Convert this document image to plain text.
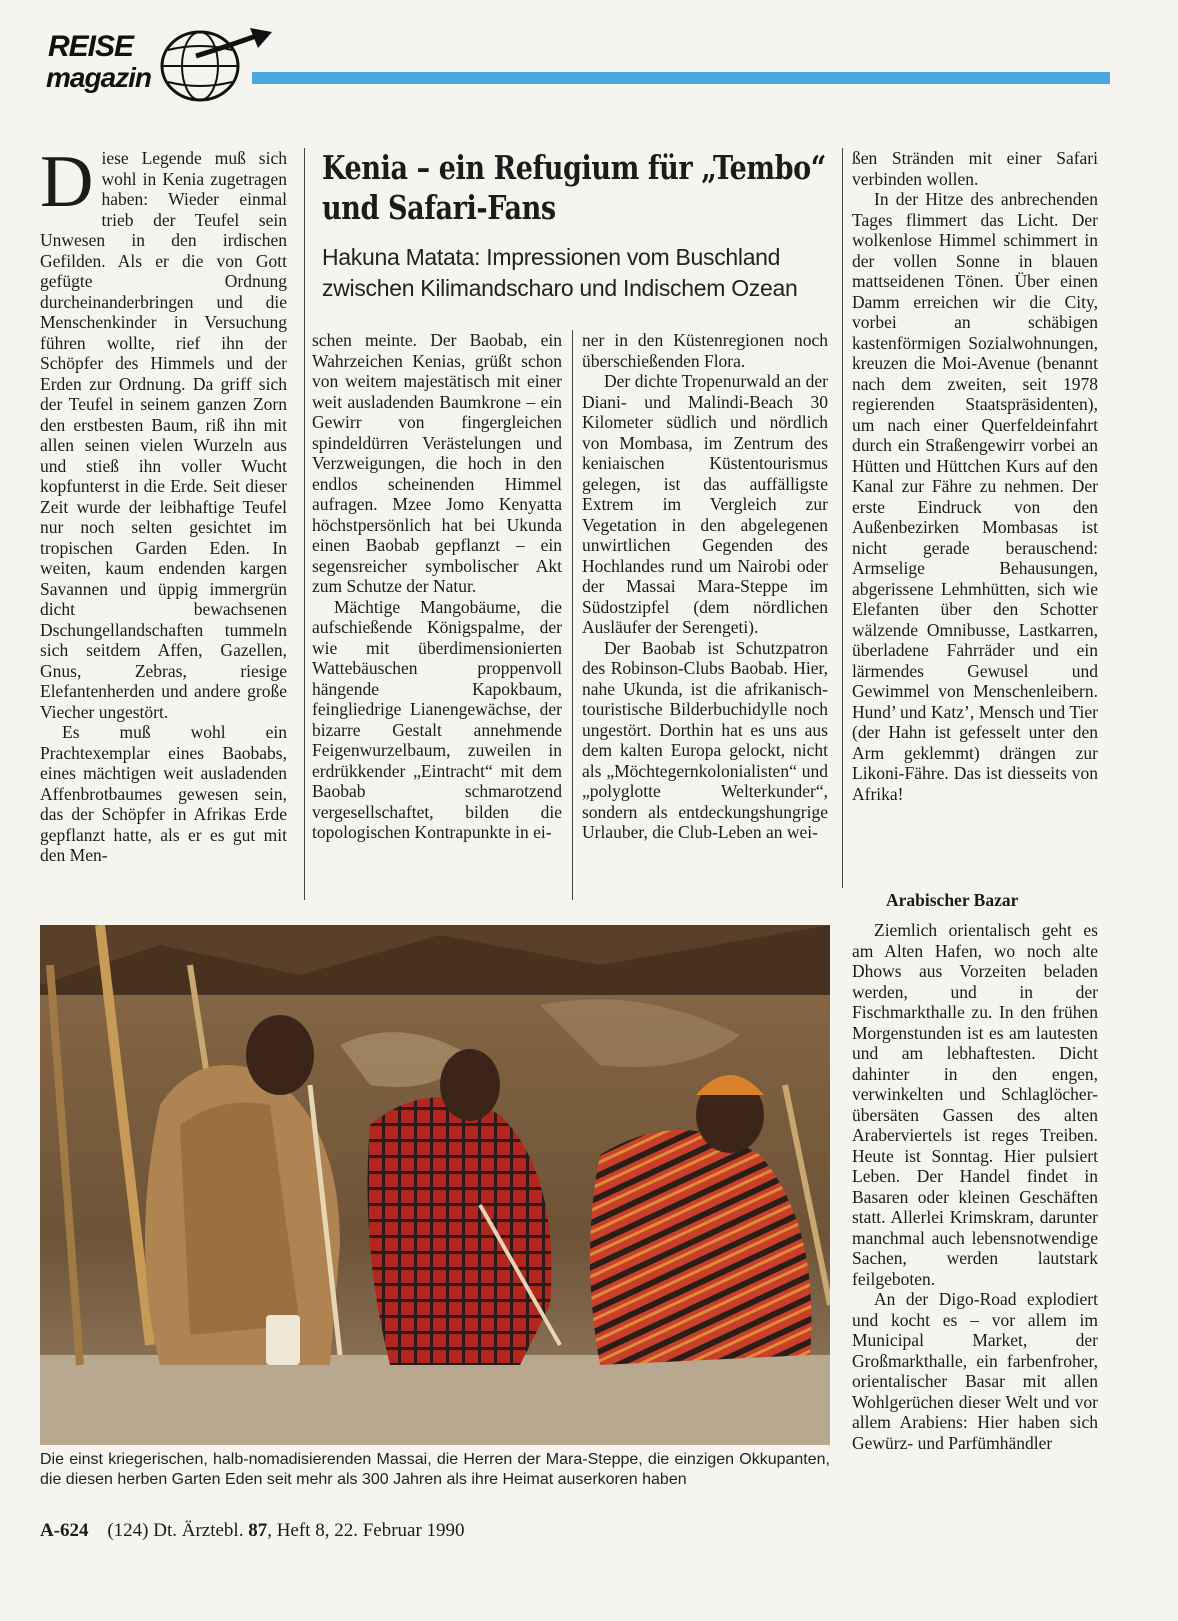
REISE
magazin

Diese Legende muß sich wohl in Kenia zugetragen haben: Wieder einmal trieb der Teufel sein Unwesen in den irdischen Gefilden. Als er die von Gott gefügte Ordnung durcheinanderbringen und die Menschenkinder in Versuchung führen wollte, rief ihn der Schöpfer des Himmels und der Erden zur Ordnung. Da griff sich der Teufel in seinem ganzen Zorn den erstbesten Baum, riß ihn mit allen seinen vielen Wurzeln aus und stieß ihn voller Wucht kopfunterst in die Erde. Seit dieser Zeit wurde der leibhaftige Teufel nur noch selten gesichtet im tropischen Garden Eden. In weiten, kaum endenden kargen Savannen und üppig immergrün dicht bewachsenen Dschungellandschaften tummeln sich seitdem Affen, Gazellen, Gnus, Zebras, riesige Elefantenherden und andere große Viecher ungestört.

Es muß wohl ein Prachtexemplar eines Baobabs, eines mächtigen weit ausladenden Affenbrotbaumes gewesen sein, das der Schöpfer in Afrikas Erde gepflanzt hatte, als er es gut mit den Men-

Kenia – ein Refugium für „Tembo“
und Safari-Fans
Hakuna Matata: Impressionen vom Buschland
zwischen Kilimandscharo und Indischem Ozean

schen meinte. Der Baobab, ein Wahrzeichen Kenias, grüßt schon von weitem majestätisch mit einer weit ausladenden Baumkrone – ein Gewirr von fingergleichen spindeldürren Verästelungen und Verzweigungen, die hoch in den endlos scheinenden Himmel aufragen. Mzee Jomo Kenyatta höchstpersönlich hat bei Ukunda einen Baobab gepflanzt – ein segensreicher symbolischer Akt zum Schutze der Natur.

Mächtige Mangobäume, die aufschießende Königspalme, der wie mit überdimensionierten Wattebäuschen proppenvoll hängende Kapokbaum, feingliedrige Lianengewächse, der bizarre Gestalt annehmende Feigenwurzelbaum, zuweilen in erdrükkender „Eintracht“ mit dem Baobab schmarotzend vergesellschaftet, bilden die topologischen Kontrapunkte in ei-

ner in den Küstenregionen noch überschießenden Flora.

Der dichte Tropenurwald an der Diani- und Malindi-Beach 30 Kilometer südlich und nördlich von Mombasa, im Zentrum des keniaischen Küstentourismus gelegen, ist das auffälligste Extrem im Vergleich zur Vegetation in den abgelegenen unwirtlichen Gegenden des Hochlandes rund um Nairobi oder der Massai Mara-Steppe im Südostzipfel (dem nördlichen Ausläufer der Serengeti).

Der Baobab ist Schutzpatron des Robinson-Clubs Baobab. Hier, nahe Ukunda, ist die afrikanisch-touristische Bilderbuchidylle noch ungestört. Dorthin hat es uns aus dem kalten Europa gelockt, nicht als „Möchtegernkolonialisten“ und „polyglotte Welterkunder“, sondern als entdeckungshungrige Urlauber, die Club-Leben an wei-

ßen Stränden mit einer Safari verbinden wollen.

In der Hitze des anbrechenden Tages flimmert das Licht. Der wolkenlose Himmel schimmert in der vollen Sonne in blauen mattseidenen Tönen. Über einen Damm erreichen wir die City, vorbei an schäbigen kastenförmigen Sozialwohnungen, kreuzen die Moi-Avenue (benannt nach dem zweiten, seit 1978 regierenden Staatspräsidenten), um nach einer Querfeldeinfahrt durch ein Straßengewirr vorbei an Hütten und Hüttchen Kurs auf den Kanal zur Fähre zu nehmen. Der erste Eindruck von den Außenbezirken Mombasas ist nicht gerade berauschend: Armselige Behausungen, abgerissene Lehmhütten, sich wie Elefanten über den Schotter wälzende Omnibusse, Lastkarren, überladene Fahrräder und ein lärmendes Gewusel und Gewimmel von Menschenleibern. Hund’ und Katz’, Mensch und Tier (der Hahn ist gefesselt unter den Arm geklemmt) drängen zur Likoni-Fähre. Das ist diesseits von Afrika!

Arabischer Bazar

Ziemlich orientalisch geht es am Alten Hafen, wo noch alte Dhows aus Vorzeiten beladen werden, und in der Fischmarkthalle zu. In den frühen Morgenstunden ist es am lautesten und am lebhaftesten. Dicht dahinter in den engen, verwinkelten und Schlaglöcher-übersäten Gassen des alten Araberviertels ist reges Treiben. Heute ist Sonntag. Hier pulsiert Leben. Der Handel findet in Basaren oder kleinen Geschäften statt. Allerlei Krimskram, darunter manchmal auch lebensnotwendige Sachen, werden lautstark feilgeboten.

An der Digo-Road explodiert und kocht es – vor allem im Municipal Market, der Großmarkthalle, ein farbenfroher, orientalischer Basar mit allen Wohlgerüchen dieser Welt und vor allem Arabiens: Hier haben sich Gewürz- und Parfümhändler

Die einst kriegerischen, halb-nomadisierenden Massai, die Herren der Mara-Steppe, die einzigen Okkupanten, die diesen herben Garten Eden seit mehr als 300 Jahren als ihre Heimat auserkoren haben
A-624 (124) Dt. Ärztebl. 87, Heft 8, 22. Februar 1990
